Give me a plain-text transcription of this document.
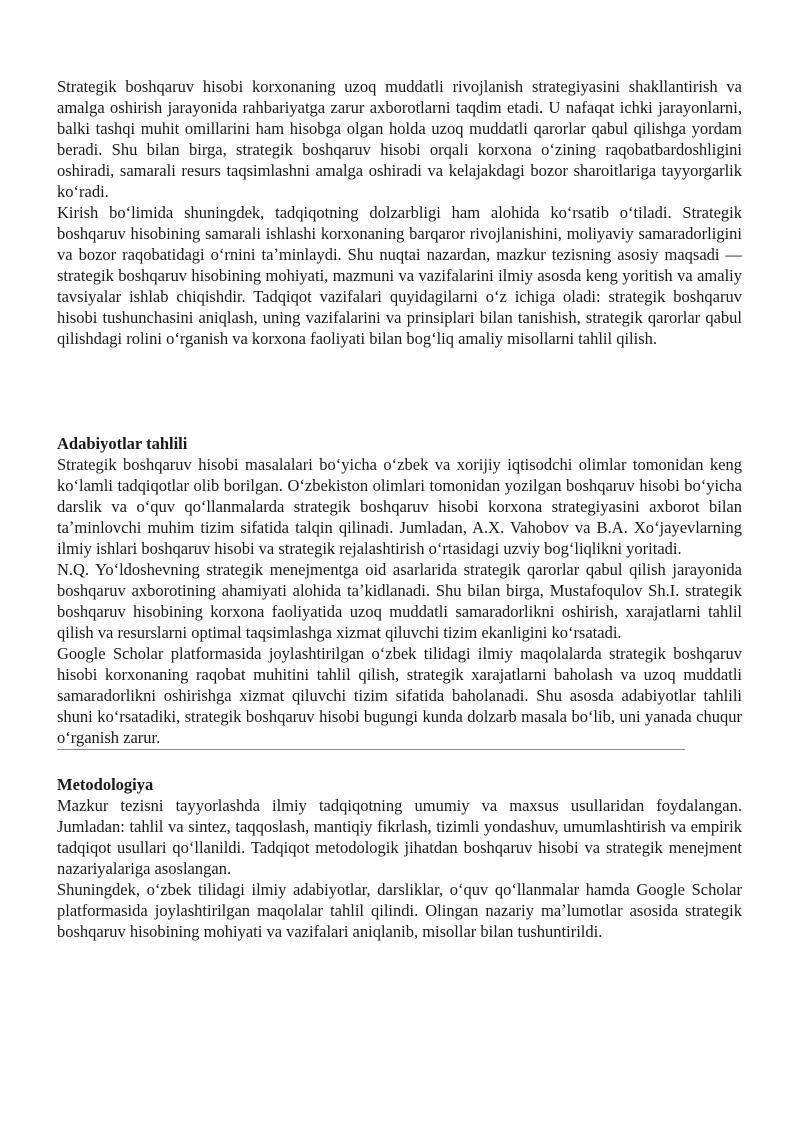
Strategik boshqaruv hisobi korxonaning uzoq muddatli rivojlanish strategiyasini shakllantirish va amalga oshirish jarayonida rahbariyatga zarur axborotlarni taqdim etadi. U nafaqat ichki jarayonlarni, balki tashqi muhit omillarini ham hisobga olgan holda uzoq muddatli qarorlar qabul qilishga yordam beradi. Shu bilan birga, strategik boshqaruv hisobi orqali korxona oʻzining raqobatbardoshligini oshiradi, samarali resurs taqsimlashni amalga oshiradi va kelajakdagi bozor sharoitlariga tayyorgarlik koʻradi.

Kirish boʻlimida shuningdek, tadqiqotning dolzarbligi ham alohida koʻrsatib oʻtiladi. Strategik boshqaruv hisobining samarali ishlashi korxonaning barqaror rivojlanishini, moliyaviy samaradorligini va bozor raqobatidagi oʻrnini taʼminlaydi. Shu nuqtai nazardan, mazkur tezisning asosiy maqsadi — strategik boshqaruv hisobining mohiyati, mazmuni va vazifalarini ilmiy asosda keng yoritish va amaliy tavsiyalar ishlab chiqishdir. Tadqiqot vazifalari quyidagilarni oʻz ichiga oladi: strategik boshqaruv hisobi tushunchasini aniqlash, uning vazifalarini va prinsiplari bilan tanishish, strategik qarorlar qabul qilishdagi rolini oʻrganish va korxona faoliyati bilan bogʻliq amaliy misollarni tahlil qilish.

Adabiyotlar tahlili

Strategik boshqaruv hisobi masalalari boʻyicha oʻzbek va xorijiy iqtisodchi olimlar tomonidan keng koʻlamli tadqiqotlar olib borilgan. Oʻzbekiston olimlari tomonidan yozilgan boshqaruv hisobi boʻyicha darslik va oʻquv qoʻllanmalarda strategik boshqaruv hisobi korxona strategiyasini axborot bilan taʼminlovchi muhim tizim sifatida talqin qilinadi. Jumladan, A.X. Vahobov va B.A. Xoʻjayevlarning ilmiy ishlari boshqaruv hisobi va strategik rejalashtirish oʻrtasidagi uzviy bogʻliqlikni yoritadi.

N.Q. Yoʻldoshevning strategik menejmentga oid asarlarida strategik qarorlar qabul qilish jarayonida boshqaruv axborotining ahamiyati alohida taʼkidlanadi. Shu bilan birga, Mustafoqulov Sh.I. strategik boshqaruv hisobining korxona faoliyatida uzoq muddatli samaradorlikni oshirish, xarajatlarni tahlil qilish va resurslarni optimal taqsimlashga xizmat qiluvchi tizim ekanligini koʻrsatadi.

Google Scholar platformasida joylashtirilgan oʻzbek tilidagi ilmiy maqolalarda strategik boshqaruv hisobi korxonaning raqobat muhitini tahlil qilish, strategik xarajatlarni baholash va uzoq muddatli samaradorlikni oshirishga xizmat qiluvchi tizim sifatida baholanadi. Shu asosda adabiyotlar tahlili shuni koʻrsatadiki, strategik boshqaruv hisobi bugungi kunda dolzarb masala boʻlib, uni yanada chuqur oʻrganish zarur.

Metodologiya

Mazkur tezisni tayyorlashda ilmiy tadqiqotning umumiy va maxsus usullaridan foydalangan. Jumladan: tahlil va sintez, taqqoslash, mantiqiy fikrlash, tizimli yondashuv, umumlashtirish va empirik tadqiqot usullari qoʻllanildi. Tadqiqot metodologik jihatdan boshqaruv hisobi va strategik menejment nazariyalariga asoslangan.

Shuningdek, oʻzbek tilidagi ilmiy adabiyotlar, darsliklar, oʻquv qoʻllanmalar hamda Google Scholar platformasida joylashtirilgan maqolalar tahlil qilindi. Olingan nazariy maʼlumotlar asosida strategik boshqaruv hisobining mohiyati va vazifalari aniqlanib, misollar bilan tushuntirildi.
